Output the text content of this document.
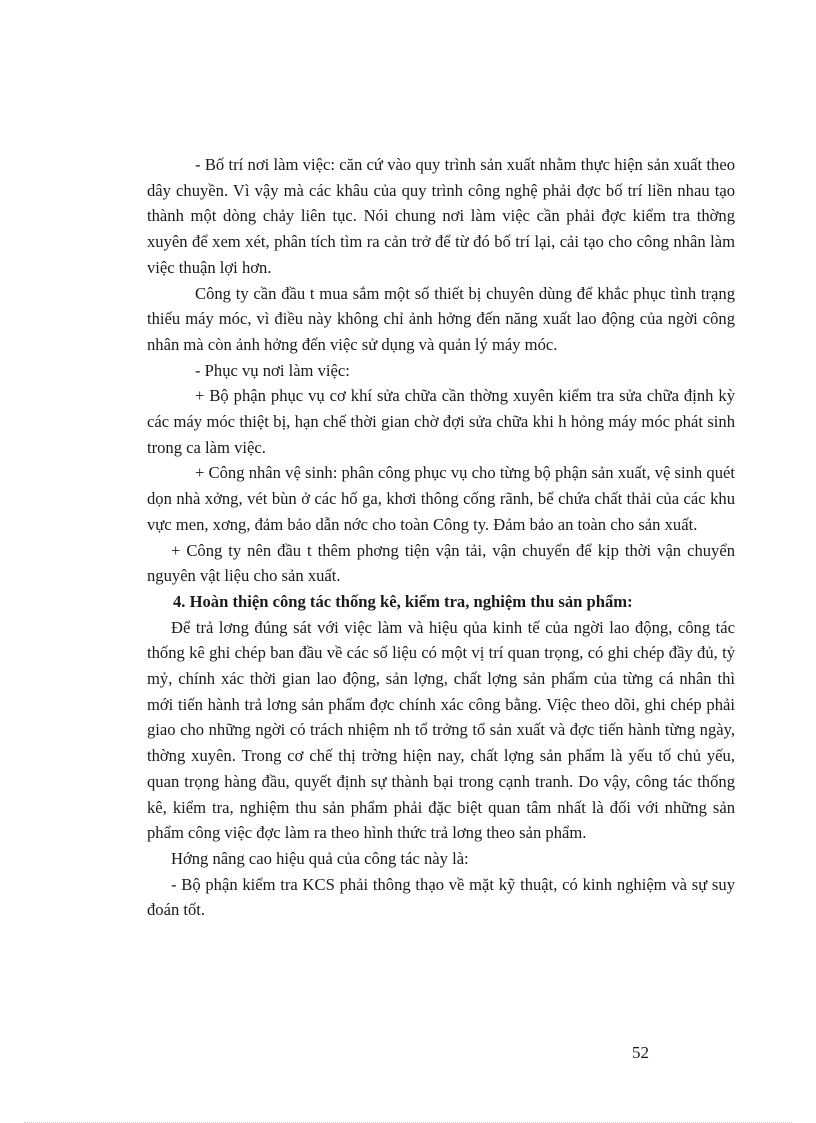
- Bố trí nơi làm việc: căn cứ vào quy trình sản xuất nhằm thực hiện sản xuất theo dây chuyền. Vì vậy mà các khâu của quy trình công nghệ phải đợc bố trí liền nhau tạo thành một dòng chảy liên tục. Nói chung nơi làm việc cần phải đợc kiểm tra thờng xuyên để xem xét, phân tích tìm ra cản trở để từ đó bố trí lại, cải tạo cho công nhân làm việc thuận lợi hơn.

Công ty cần đầu t mua sắm một số thiết bị chuyên dùng để khắc phục tình trạng thiếu máy móc, vì điều này không chỉ ảnh hởng đến năng xuất lao động của ngời công nhân mà còn ảnh hởng đến việc sử dụng và quản lý máy móc.

- Phục vụ nơi làm việc:

+ Bộ phận phục vụ cơ khí sửa chữa cần thờng xuyên kiểm tra sửa chữa định kỳ các máy móc thiệt bị, hạn chế thời gian chờ đợi sửa chữa khi h hỏng máy móc phát sinh trong ca làm việc.

+ Công nhân vệ sinh: phân công phục vụ cho từng bộ phận sản xuất, vệ sinh quét dọn nhà xởng, vét bùn ở các hố ga, khơi thông cống rãnh, bể chứa chất thải của các khu vực men, xơng, đảm bảo dẫn nớc cho toàn Công ty. Đảm bảo an toàn cho sản xuất.

+ Công ty nên đầu t thêm phơng tiện vận tải, vận chuyển để kịp thời vận chuyển nguyên vật liệu cho sản xuất.

4. Hoàn thiện công tác thống kê, kiểm tra, nghiệm thu sản phẩm:

Để trả lơng đúng sát với việc làm và hiệu qủa kinh tế của ngời lao động, công tác thống kê ghi chép ban đầu về các số liệu có một vị trí quan trọng, có ghi chép đầy đủ, tỷ mỷ, chính xác thời gian lao động, sản lợng, chất lợng sản phẩm của từng cá nhân thì mới tiến hành trả lơng sản phẩm đợc chính xác công bằng. Việc theo dõi, ghi chép phải giao cho những ngời có trách nhiệm nh tổ trởng tổ sản xuất và đợc tiến hành từng ngày, thờng xuyên. Trong cơ chế thị trờng hiện nay, chất lợng sản phẩm là yếu tố chủ yếu, quan trọng hàng đầu, quyết định sự thành bại trong cạnh tranh. Do vậy, công tác thống kê, kiểm tra, nghiệm thu sản phẩm phải đặc biệt quan tâm nhất là đối với những sản phẩm công việc đợc làm ra theo hình thức trả lơng theo sản phẩm.

Hớng nâng cao hiệu quả của công tác này là:

- Bộ phận kiểm tra KCS phải thông thạo về mặt kỹ thuật, có kinh nghiệm và sự suy đoán tốt.

52
